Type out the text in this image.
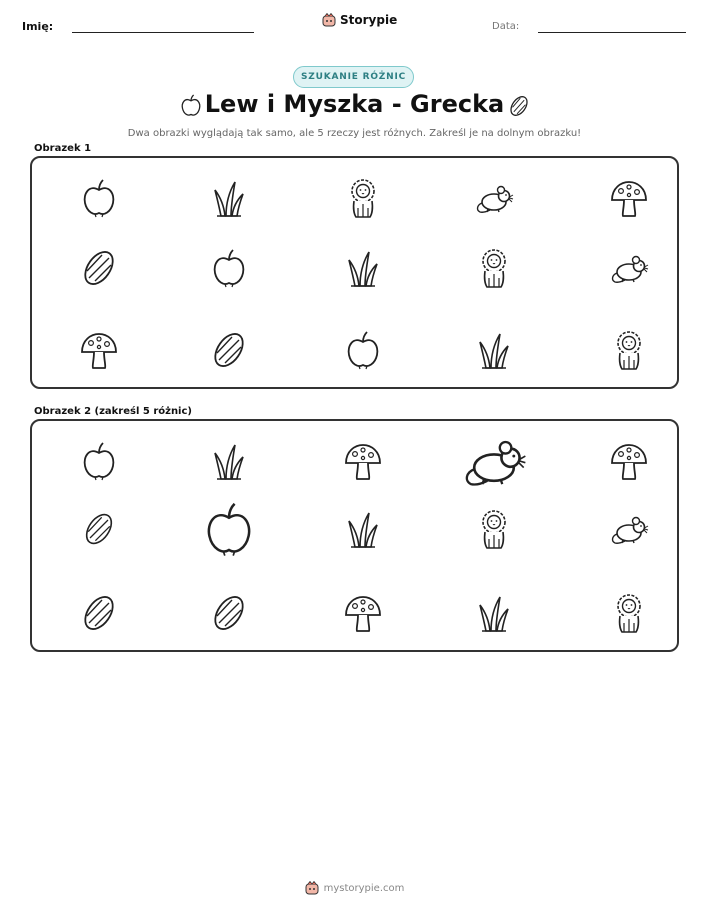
Imię:	Storypie	Data:
SZUKANIE RÓŻNIC
Lew i Myszka - Grecka
Dwa obrazki wyglądają tak samo, ale 5 rzeczy jest różnych. Zakreśl je na dolnym obrazku!
Obrazek 1
Obrazek 2 (zakreśl 5 różnic)
mystorypie.com
